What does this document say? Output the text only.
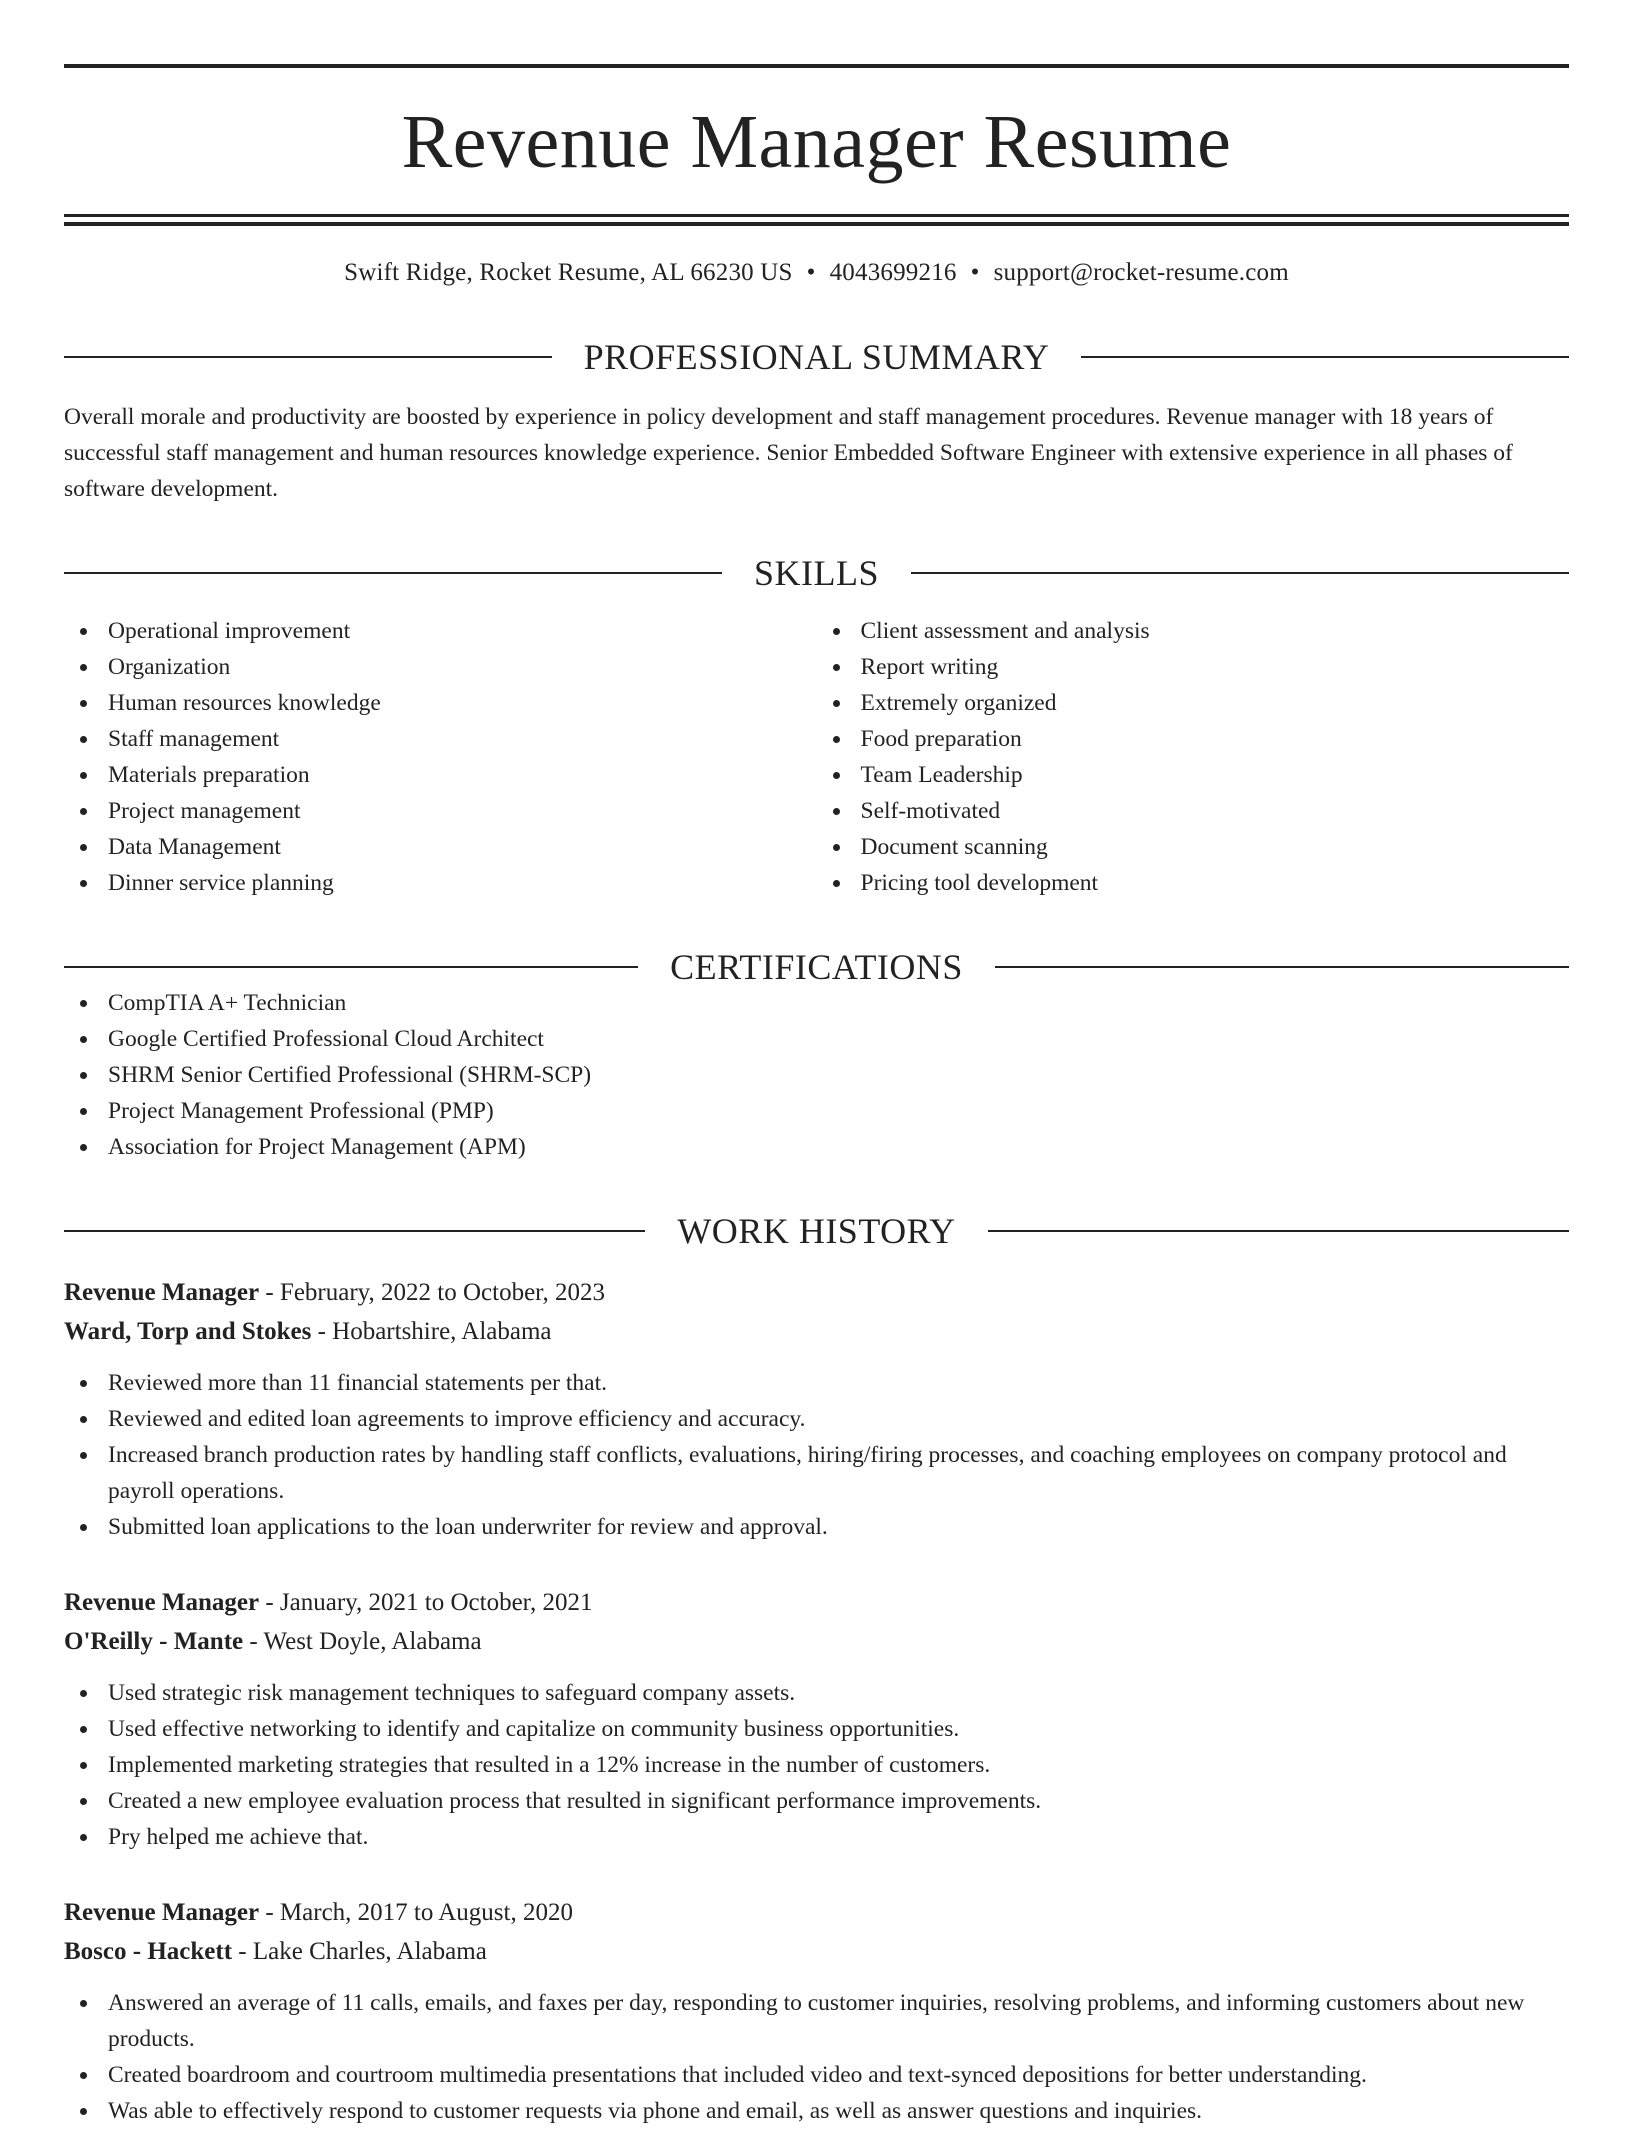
Revenue Manager Resume
Swift Ridge, Rocket Resume, AL 66230 US • 4043699216 • support@rocket-resume.com
PROFESSIONAL SUMMARY

Overall morale and productivity are boosted by experience in policy development and staff management procedures. Revenue manager with 18 years of successful staff management and human resources knowledge experience. Senior Embedded Software Engineer with extensive experience in all phases of software development.

SKILLS
Operational improvement
Organization
Human resources knowledge
Staff management
Materials preparation
Project management
Data Management
Dinner service planning
Client assessment and analysis
Report writing
Extremely organized
Food preparation
Team Leadership
Self-motivated
Document scanning
Pricing tool development
CERTIFICATIONS
CompTIA A+ Technician
Google Certified Professional Cloud Architect
SHRM Senior Certified Professional (SHRM-SCP)
Project Management Professional (PMP)
Association for Project Management (APM)
WORK HISTORY
Revenue Manager - February, 2022 to October, 2023
Ward, Torp and Stokes - Hobartshire, Alabama
Reviewed more than 11 financial statements per that.
Reviewed and edited loan agreements to improve efficiency and accuracy.
Increased branch production rates by handling staff conflicts, evaluations, hiring/firing processes, and coaching employees on company protocol and payroll operations.
Submitted loan applications to the loan underwriter for review and approval.
Revenue Manager - January, 2021 to October, 2021
O'Reilly - Mante - West Doyle, Alabama
Used strategic risk management techniques to safeguard company assets.
Used effective networking to identify and capitalize on community business opportunities.
Implemented marketing strategies that resulted in a 12% increase in the number of customers.
Created a new employee evaluation process that resulted in significant performance improvements.
Pry helped me achieve that.
Revenue Manager - March, 2017 to August, 2020
Bosco - Hackett - Lake Charles, Alabama
Answered an average of 11 calls, emails, and faxes per day, responding to customer inquiries, resolving problems, and informing customers about new products.
Created boardroom and courtroom multimedia presentations that included video and text-synced depositions for better understanding.
Was able to effectively respond to customer requests via phone and email, as well as answer questions and inquiries.
